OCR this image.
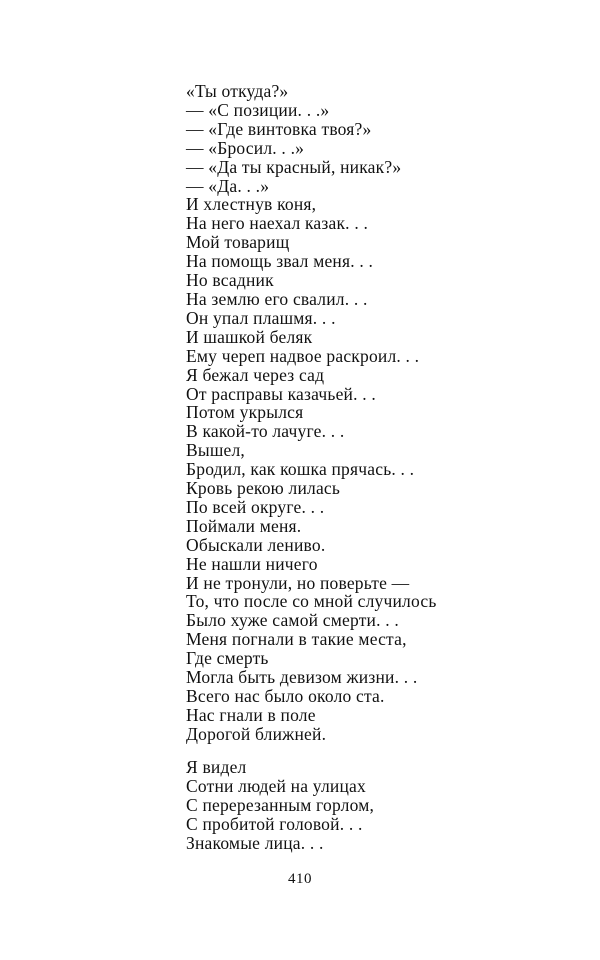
«Ты откуда?»
— «С позиции. . .»
— «Где винтовка твоя?»
— «Бросил. . .»
— «Да ты красный, никак?»
— «Да. . .»
И хлестнув коня,
На него наехал казак. . .
Мой товарищ
На помощь звал меня. . .
Но всадник
На землю его свалил. . .
Он упал плашмя. . .
И шашкой беляк
Ему череп надвое раскроил. . .
Я бежал через сад
От расправы казачьей. . .
Потом укрылся
В какой-то лачуге. . .
Вышел,
Бродил, как кошка прячась. . .
Кровь рекою лилась
По всей округе. . .
Поймали меня.
Обыскали лениво.
Не нашли ничего
И не тронули, но поверьте —
То, что после со мной случилось
Было хуже самой смерти. . .
Меня погнали в такие места,
Где смерть
Могла быть девизом жизни. . .
Всего нас было около ста.
Нас гнали в поле
Дорогой ближней.
Я видел
Сотни людей на улицах
С перерезанным горлом,
С пробитой головой. . .
Знакомые лица. . .
410
